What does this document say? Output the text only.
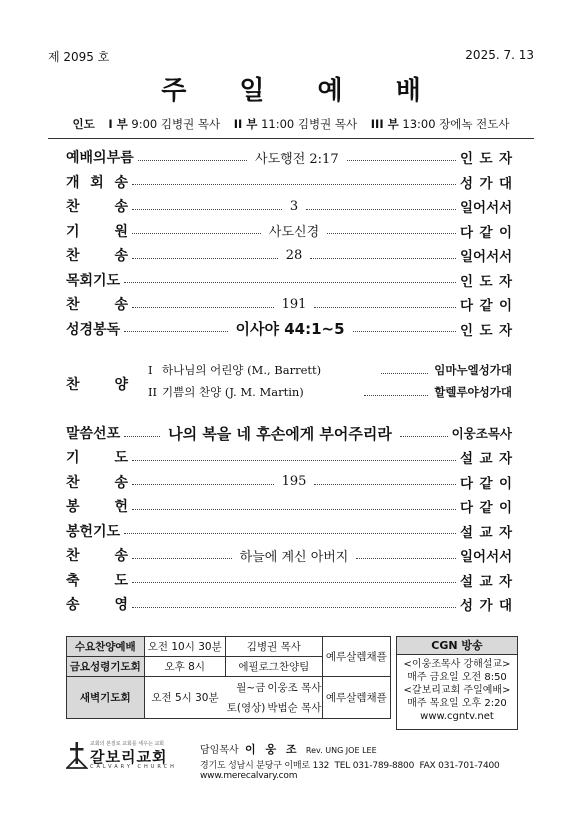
제 2095 호	2025. 7. 13
주 일 예 배
인도 I 부 9:00 김병권 목사 II 부 11:00 김병권 목사 III 부 13:00 장에녹 전도사
예배의부름	사도행전 2:17	인 도 자
개 회 송	성 가 대
찬 송	3	일어서서
기 원	사도신경	다 같 이
찬 송	28	일어서서
목회기도	인 도 자
찬 송	191	다 같 이
성경봉독	이사야 44:1~5	인 도 자
찬 양
I 하나님의 어린양 (M., Barrett)	임마누엘성가대
II 기쁨의 찬양 (J. M. Martin)	할렐루야성가대
말씀선포	나의 복을 네 후손에게 부어주리라	이웅조 목사
기 도	설 교 자
찬 송	195	다 같 이
봉 헌	다 같 이
봉헌기도	설 교 자
찬 송	하늘에 계신 아버지	일어서서
축 도	설 교 자
송 영	성 가 대
수요찬양예배	오전 10시 30분	김병권 목사		예루살렘채플
금요성령기도회	오후 8시	에필로그찬양팀		
새벽기도회	오전 5시 30분	월~금	이웅조 목사	예루살렘채플
		토(영상)	박범순 목사	
CGN 방송
<이웅조목사 강해설교>
매주 금요일 오전 8:50
<갈보리교회 주일예배>
매주 목요일 오후 2:20
www.cgntv.net
교회의 본질로 교회를 세우는 교회
갈보리교회
CALVARY CHURCH
담임목사 이 웅 조 Rev. UNG JOE LEE
경기도 성남시 분당구 이매로 132 TEL 031-789-8800 FAX 031-701-7400  www.merecalvary.com
